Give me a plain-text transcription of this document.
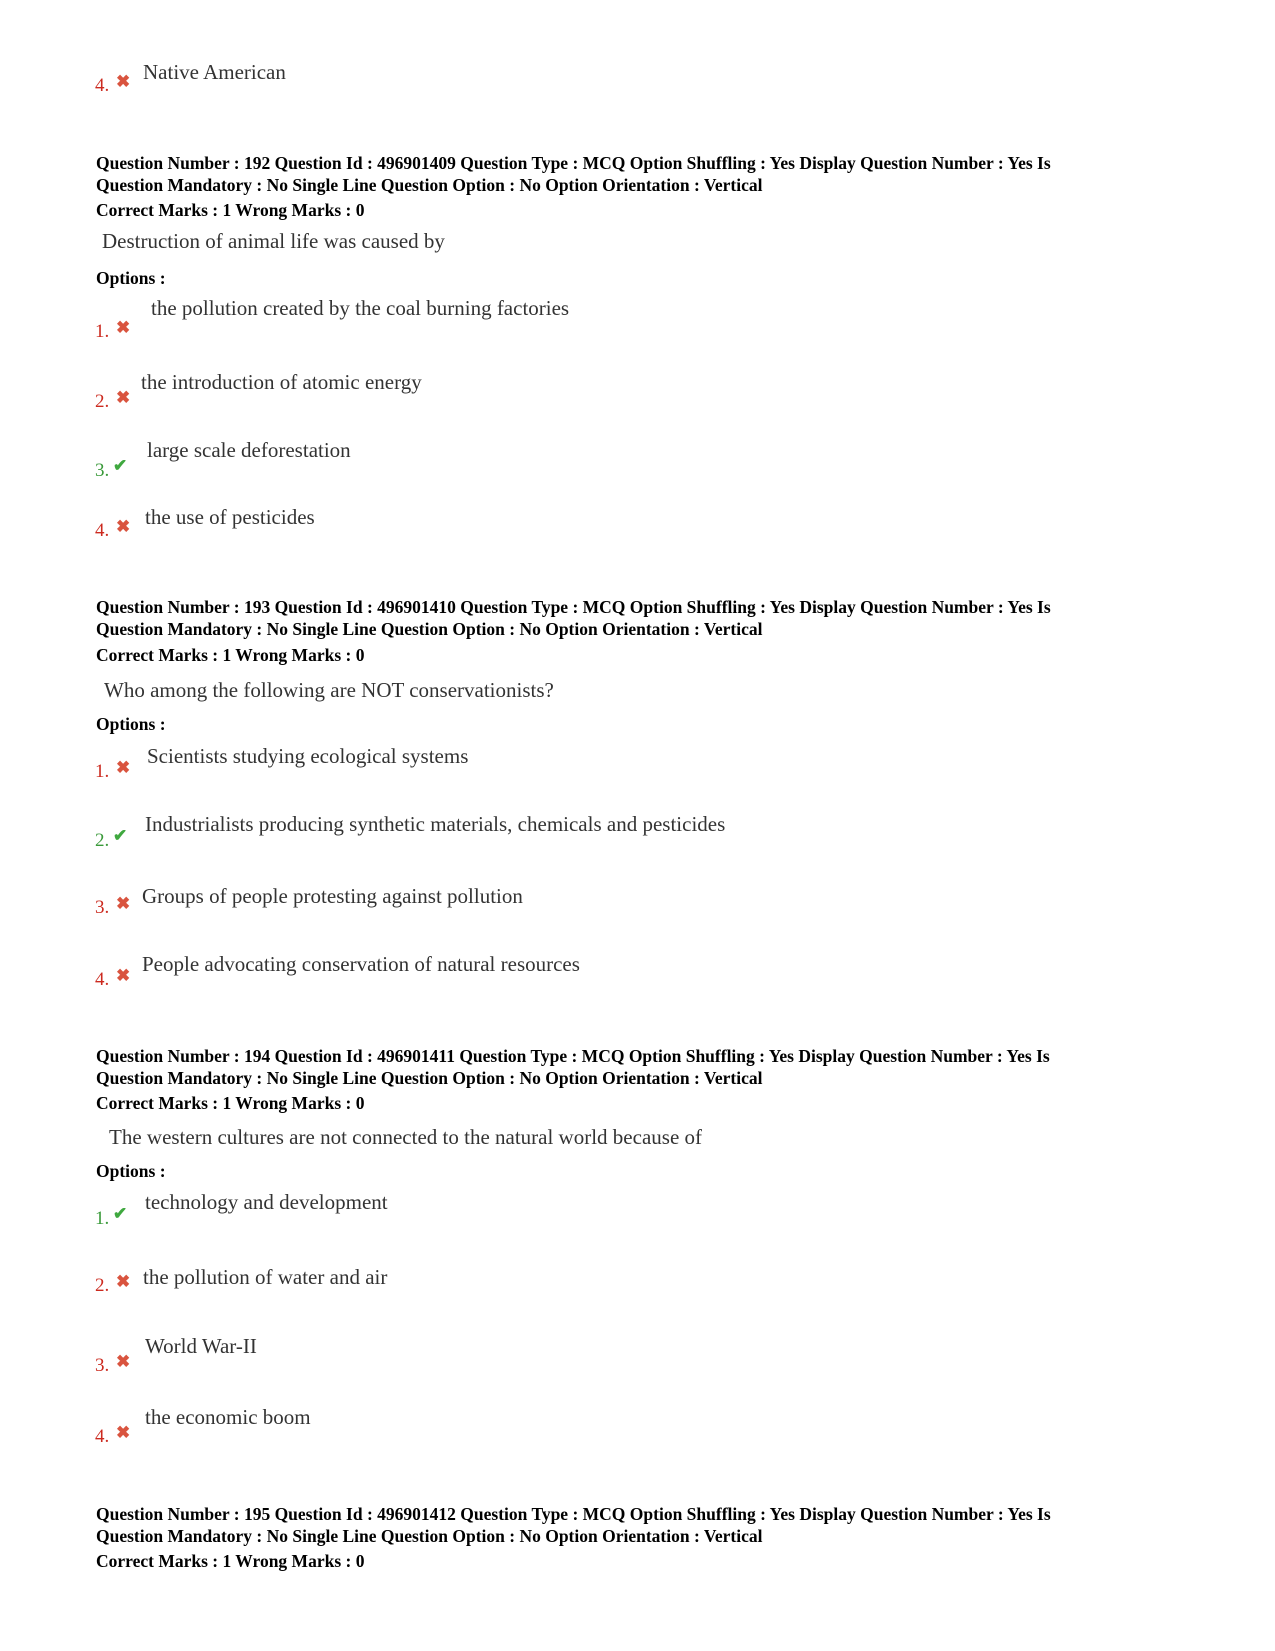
4. ✖ Native American
Question Number : 192 Question Id : 496901409 Question Type : MCQ Option Shuffling : Yes Display Question Number : Yes Is
Question Mandatory : No Single Line Question Option : No Option Orientation : Vertical
Correct Marks : 1 Wrong Marks : 0
Destruction of animal life was caused by
Options :
1. ✖
the pollution created by the coal burning factories
2. ✖
the introduction of atomic energy
3. ✔
large scale deforestation
4. ✖ the use of pesticides
Question Number : 193 Question Id : 496901410 Question Type : MCQ Option Shuffling : Yes Display Question Number : Yes Is
Question Mandatory : No Single Line Question Option : No Option Orientation : Vertical
Correct Marks : 1 Wrong Marks : 0
Who among the following are NOT conservationists?
Options :
1. ✖ Scientists studying ecological systems
2. ✔ Industrialists producing synthetic materials, chemicals and pesticides
3. ✖ Groups of people protesting against pollution
4. ✖ People advocating conservation of natural resources
Question Number : 194 Question Id : 496901411 Question Type : MCQ Option Shuffling : Yes Display Question Number : Yes Is
Question Mandatory : No Single Line Question Option : No Option Orientation : Vertical
Correct Marks : 1 Wrong Marks : 0
The western cultures are not connected to the natural world because of
Options :
1. ✔ technology and development
2. ✖ the pollution of water and air
3. ✖
World War-II
4. ✖
the economic boom
Question Number : 195 Question Id : 496901412 Question Type : MCQ Option Shuffling : Yes Display Question Number : Yes Is
Question Mandatory : No Single Line Question Option : No Option Orientation : Vertical
Correct Marks : 1 Wrong Marks : 0
